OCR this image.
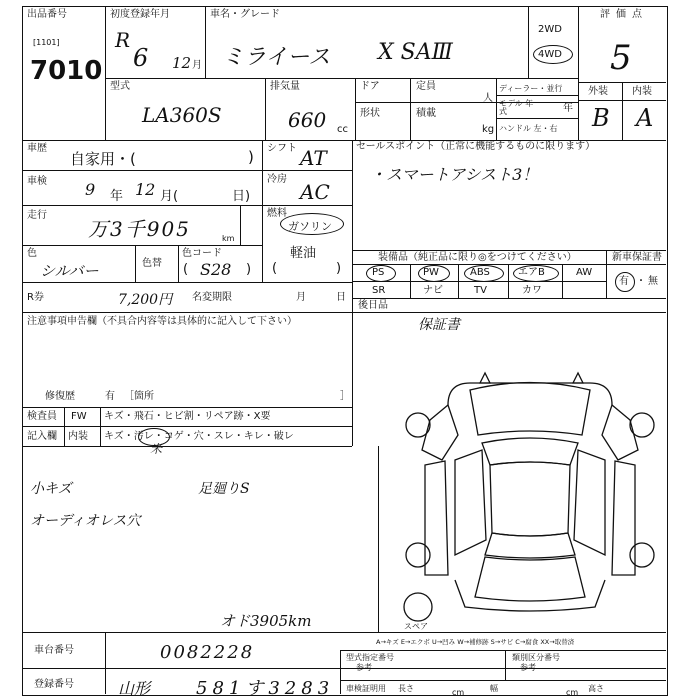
出品番号
[1101]
7010
初度登録年月
R
6 12 月
車名・グレード
ミライース X SAⅢ
2WD
4WD
評価点
5
外装 内装
B A
型式
LA360S
排気量
660 cc
ドア	定員
人
形状	積載
kg
ディーラー・並行
モデル 年式	年
ハンドル 左・右
車歴
自家用・(	) シフト AT	セールスポイント（正常に機能するものに限ります）
・スマートアシスト3！
車検 9 年 12 月(	日)
冷房
AC
走行
万3千905	km
燃料
ガソリン
軽油
(	)
色
シルバー	色替
色コード
( S28 )
装備品（純正品に限り◎をつけてください）	新車保証書
PS	PW	ABS	エアB	AW
SR	ナビ	TV	カワ
有 ・ 無
後日品
保証書
R券	7,200円 名変期限	月	日
注意事項申告欄（不具合内容等は具体的に記入して下さい）
修復歴	有 ［箇所	］
検査員
記入欄
FW キズ・飛石・ヒビ割・リペア跡・X要
内装 キズ・汚レ・コゲ・穴・スレ・キレ・破レ
米
小キズ	足廻りS
オーディオレス穴
オド3905km	スペア
A→キズ E→エクボ U→凹み W→補修跡 S→サビ C→腐食 XX→取替済
車台番号	0082228
登録番号	山形	581す3283
型式指定番号
参考
類別区分番号
参考
車検証明用 長さ	cm	幅	cm 高さ
